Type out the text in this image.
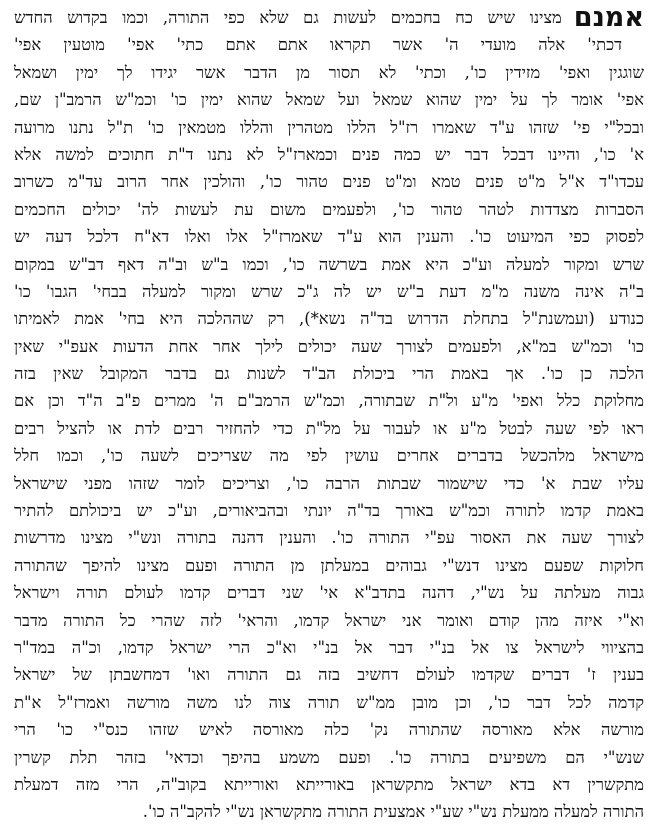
אמנםמצינו שיש כח בחכמים לעשות גם שלא כפי התורה, וכמו בקדוש החדש
דכתי' אלה מועדי ה' אשר תקראו אתם אתם כתי' אפי' מוטעין אפי'
שוגגין ואפי' מזידין כו', וכתי' לא תסור מן הדבר אשר יגידו לך ימין ושמאל
אפי' אומר לך על ימין שהוא שמאל ועל שמאל שהוא ימין כו' וכמ"ש הרמב"ן שם,
ובכל"י פי' שזהו ע"ד שאמרו רז"ל הללו מטהרין והללו מטמאין כו' ת"ל נתנו מרועה
א' כו', והיינו דבכל דבר יש כמה פנים וכמארז"ל לא נתנו ד"ת חתוכים למשה אלא
עכדו"ד א"ל מ"ט פנים טמא ומ"ט פנים טהור כו', והולכין אחר הרוב עד"מ כשרוב
הסברות מצדדות לטהר טהור כו', ולפעמים משום עת לעשות לה' יכולים החכמים
לפסוק כפי המיעוט כו'. והענין הוא ע"ד שאמרז"ל אלו ואלו דא"ח דלכל דעה יש
שרש ומקור למעלה וע"כ היא אמת בשרשה כו', וכמו ב"ש וב"ה דאף דב"ש במקום
ב"ה אינה משנה מ"מ דעת ב"ש יש לה ג"כ שרש ומקור למעלה בבחי' הגבו' כו'
כנודע (ועמשנת"ל בתחלת הדרוש בד"ה נשא*), רק שההלכה היא בחי' אמת לאמיתו
כו' וכמ"ש במ"א, ולפעמים לצורך שעה יכולים לילך אחר אחת הדעות אעפ"י שאין
הלכה כן כו'. אך באמת הרי ביכולת הב"ד לשנות גם בדבר המקובל שאין בזה
מחלוקת כלל ואפי' מ"ע ול"ת שבתורה, וכמ"ש הרמב"ם ה' ממרים פ"ב ה"ד וכן אם
ראו לפי שעה לבטל מ"ע או לעבור על מל"ת כדי להחזיר רבים לדת או להציל רבים
מישראל מלהכשל בדברים אחרים עושין לפי מה שצריכים לשעה כו', וכמו חלל
עליו שבת א' כדי שישמור שבתות הרבה כו', וצריכים לומר שזהו מפני שישראל
באמת קדמו לתורה וכמ"ש באורך בד"ה יונתי ובהביאורים, וע"כ יש ביכולתם להתיר
לצורך שעה את האסור עפ"י התורה כו'. והענין דהנה בתורה ונש"י מצינו מדרשות
חלוקות שפעם מצינו דנש"י גבוהים במעלתן מן התורה ופעם מצינו להיפך שהתורה
גבוה מעלתה על נש"י, דהנה בתדב"א אי' שני דברים קדמו לעולם תורה וישראל
וא"י איזה מהן קודם ואומר אני ישראל קדמו, והראי' לזה שהרי כל התורה מדבר
בהציווי לישראל צו אל בנ"י דבר אל בנ"י וא"כ הרי ישראל קדמו, וכ"ה במד"ר
בענין ז' דברים שקדמו לעולם דחשיב בזה גם התורה ואו' דמחשבתן של ישראל
קדמה לכל דבר כו', וכן מובן ממ"ש תורה צוה לנו משה מורשה ואמרז"ל א"ת
מורשה אלא מאורסה שהתורה נק' כלה מאורסה לאיש שזהו כנס"י כו' הרי
שנש"י הם משפיעים בתורה כו'. ופעם משמע בהיפך וכדאי' בזהר תלת קשרין
מתקשרין דא בדא ישראל מתקשראן באורייתא ואורייתא בקוב"ה, הרי מזה דמעלת
התורה למעלה ממעלת נש"י שע"י אמצעית התורה מתקשראן נש"י להקב"ה כו'.
